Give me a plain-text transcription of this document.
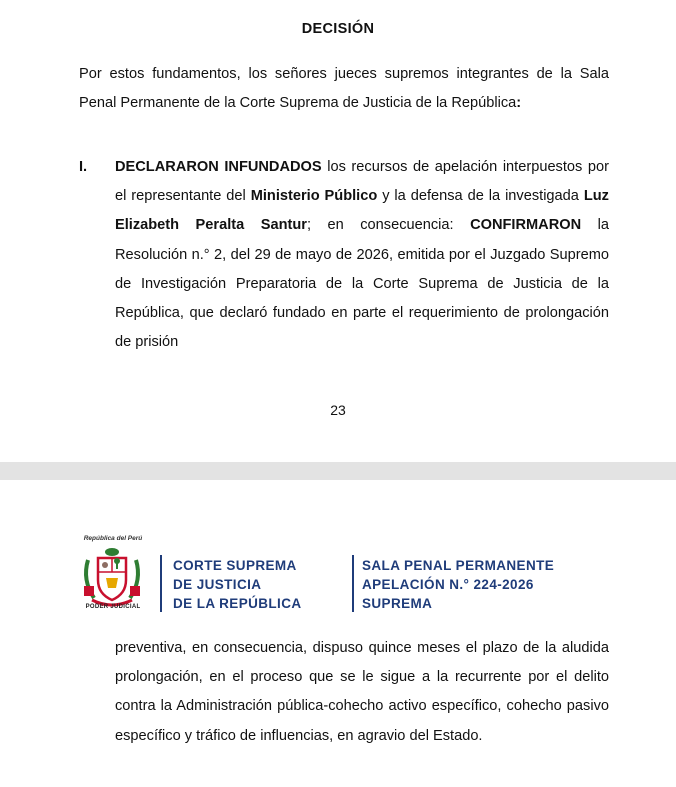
DECISIÓN

Por estos fundamentos, los señores jueces supremos integrantes de la Sala Penal Permanente de la Corte Suprema de Justicia de la República:

I. DECLARARON INFUNDADOS los recursos de apelación interpuestos por el representante del Ministerio Público y la defensa de la investigada Luz Elizabeth Peralta Santur; en consecuencia: CONFIRMARON la Resolución n.° 2, del 29 de mayo de 2026, emitida por el Juzgado Supremo de Investigación Preparatoria de la Corte Suprema de Justicia de la República, que declaró fundado en parte el requerimiento de prolongación de prisión

23
República del Perú
PODER JUDICIAL
CORTE SUPREMA
DE JUSTICIA
DE LA REPÚBLICA
SALA PENAL PERMANENTE
APELACIÓN N.° 224-2026
SUPREMA

preventiva, en consecuencia, dispuso quince meses el plazo de la aludida prolongación, en el proceso que se le sigue a la recurrente por el delito contra la Administración pública-cohecho activo específico, cohecho pasivo específico y tráfico de influencias, en agravio del Estado.
